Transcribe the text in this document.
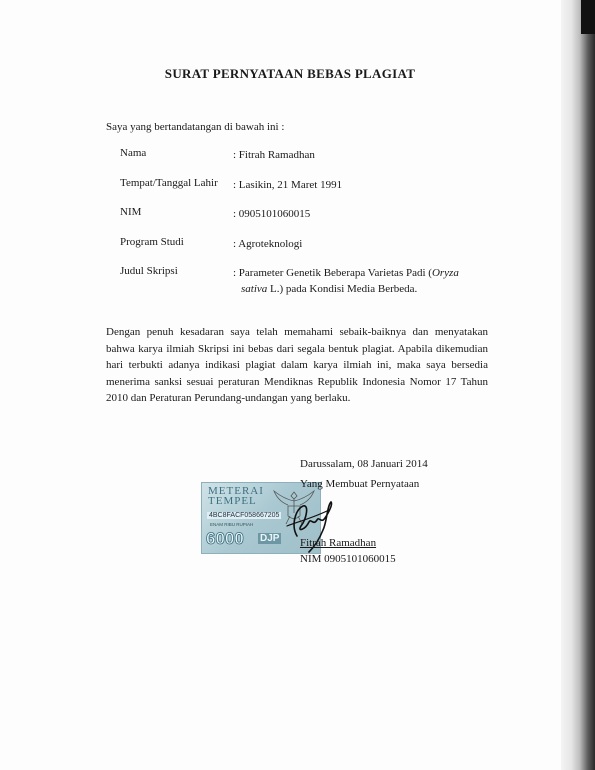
SURAT PERNYATAAN BEBAS PLAGIAT
Saya yang bertandatangan di bawah ini :
Nama	: Fitrah Ramadhan
Tempat/Tanggal Lahir : Lasikin, 21 Maret 1991
NIM	: 0905101060015
Program Studi	: Agroteknologi
Judul Skripsi	: Parameter Genetik Beberapa Varietas Padi (Oryza
sativa L.) pada Kondisi Media Berbeda.
Dengan penuh kesadaran saya telah memahami sebaik-baiknya dan menyatakan bahwa karya ilmiah Skripsi ini bebas dari segala bentuk plagiat. Apabila dikemudian hari terbukti adanya indikasi plagiat dalam karya ilmiah ini, maka saya bersedia menerima sanksi sesuai peraturan Mendiknas Republik Indonesia Nomor 17 Tahun 2010 dan Peraturan Perundang-undangan yang berlaku.
Darussalam, 08 Januari 2014
METERAI
TEMPEL
4BC8FACF058667205
ENAM RIBU RUPIAH
6000 DJP
Yang Membuat Pernyataan
Fitrah Ramadhan
NIM 0905101060015
